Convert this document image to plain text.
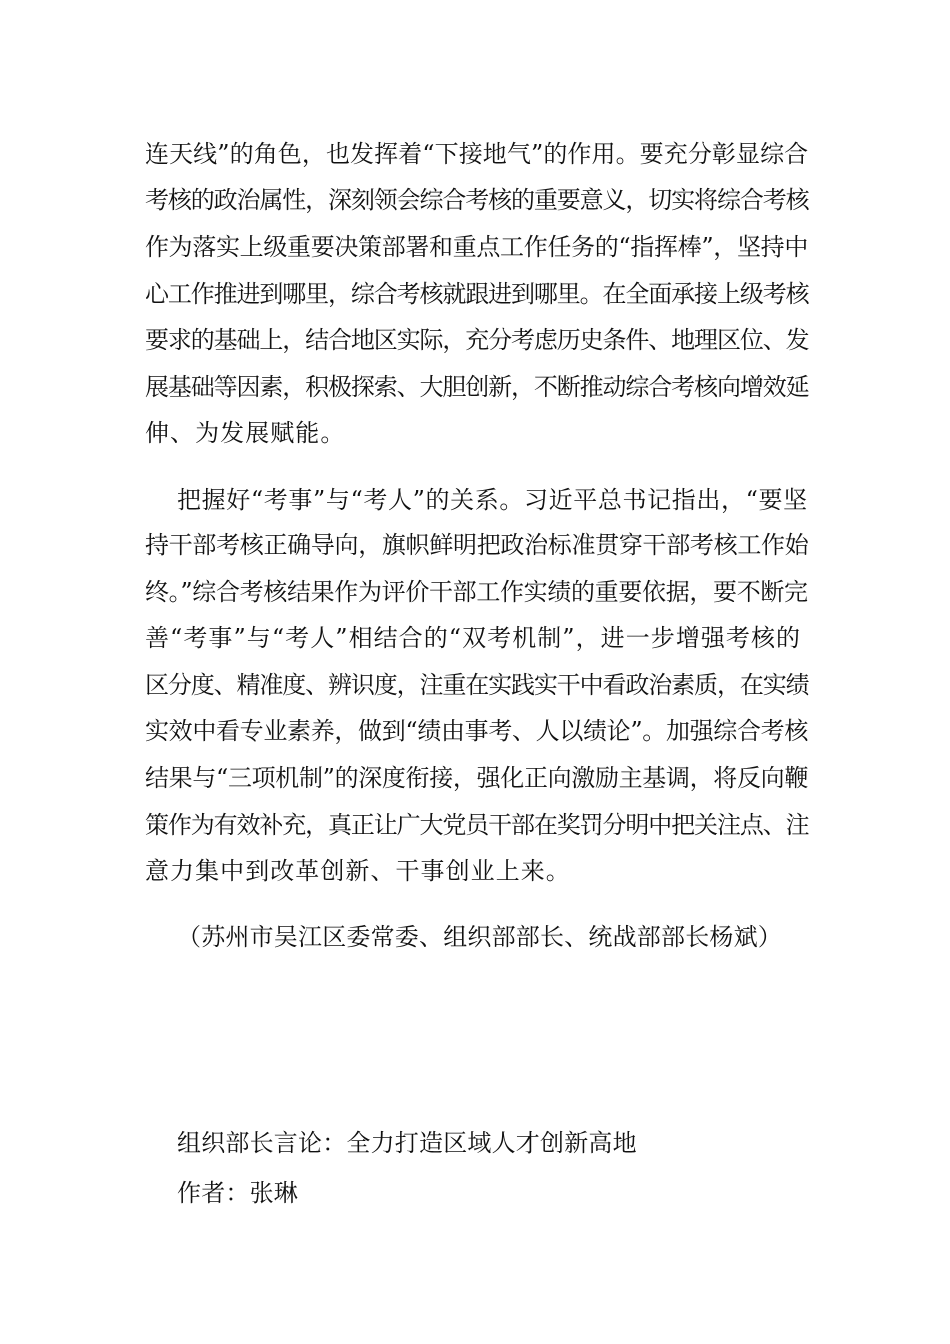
连天线”的角色，也发挥着“下接地气”的作用。要充分彰显综合
考核的政治属性，深刻领会综合考核的重要意义，切实将综合考核
作为落实上级重要决策部署和重点工作任务的“指挥棒”，坚持中
心工作推进到哪里，综合考核就跟进到哪里。在全面承接上级考核
要求的基础上，结合地区实际，充分考虑历史条件、地理区位、发
展基础等因素，积极探索、大胆创新，不断推动综合考核向增效延
伸、为发展赋能。
把握好“考事”与“考人”的关系。习近平总书记指出，“要坚
持干部考核正确导向，旗帜鲜明把政治标准贯穿干部考核工作始
终。”综合考核结果作为评价干部工作实绩的重要依据，要不断完
善“考事”与“考人”相结合的“双考机制”，进一步增强考核的
区分度、精准度、辨识度，注重在实践实干中看政治素质，在实绩
实效中看专业素养，做到“绩由事考、人以绩论”。加强综合考核
结果与“三项机制”的深度衔接，强化正向激励主基调，将反向鞭
策作为有效补充，真正让广大党员干部在奖罚分明中把关注点、注
意力集中到改革创新、干事创业上来。
（苏州市吴江区委常委、组织部部长、统战部部长杨斌）
组织部长言论：全力打造区域人才创新高地
作者：张琳
